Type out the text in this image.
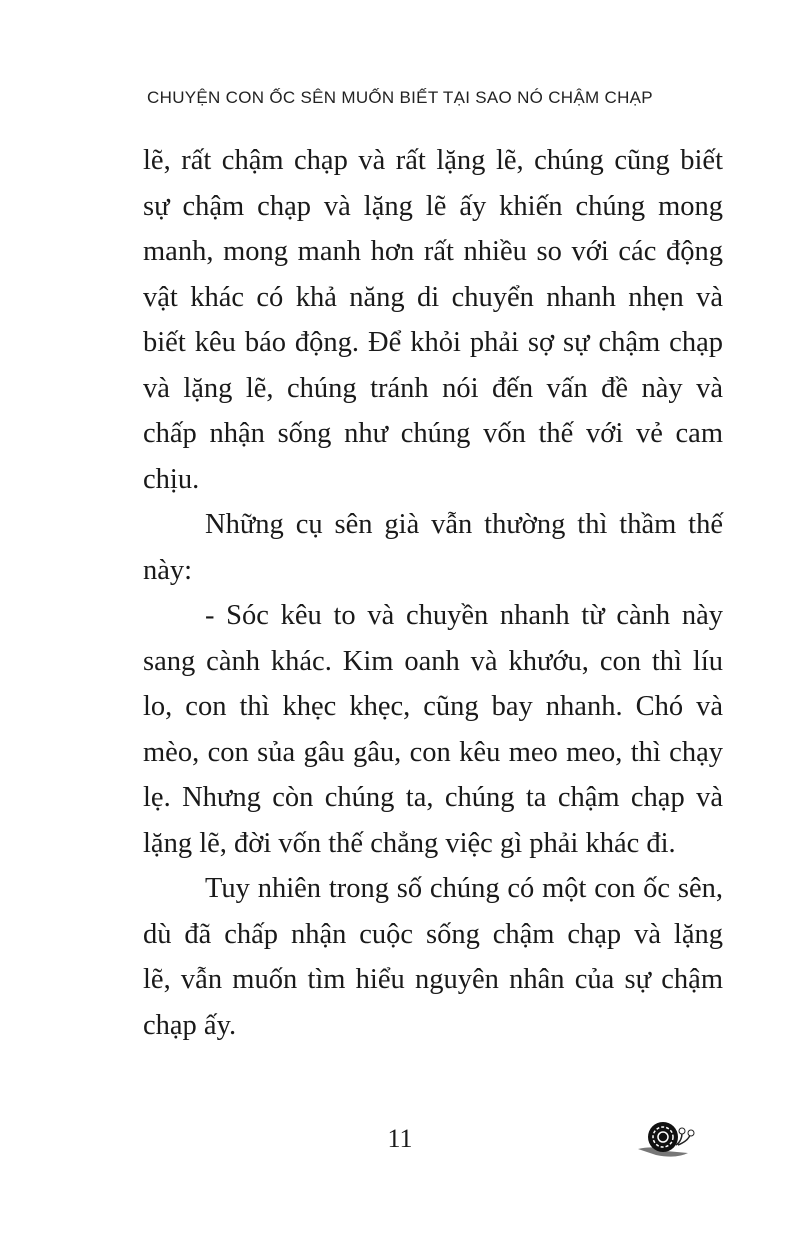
CHUYỆN CON ỐC SÊN MUỐN BIẾT TẠI SAO NÓ CHẬM CHẠP
lẽ, rất chậm chạp và rất lặng lẽ, chúng cũng biết
sự chậm chạp và lặng lẽ ấy khiến chúng mong
manh, mong manh hơn rất nhiều so với các động
vật khác có khả năng di chuyển nhanh nhẹn và
biết kêu báo động. Để khỏi phải sợ sự chậm chạp
và lặng lẽ, chúng tránh nói đến vấn đề này và
chấp nhận sống như chúng vốn thế với vẻ cam
chịu.
Những cụ sên già vẫn thường thì thầm thế
này:
- Sóc kêu to và chuyền nhanh từ cành này
sang cành khác. Kim oanh và khướu, con thì líu
lo, con thì khẹc khẹc, cũng bay nhanh. Chó và
mèo, con sủa gâu gâu, con kêu meo meo, thì chạy
lẹ. Nhưng còn chúng ta, chúng ta chậm chạp và
lặng lẽ, đời vốn thế chẳng việc gì phải khác đi.
Tuy nhiên trong số chúng có một con ốc sên,
dù đã chấp nhận cuộc sống chậm chạp và lặng
lẽ, vẫn muốn tìm hiểu nguyên nhân của sự chậm
chạp ấy.
11
